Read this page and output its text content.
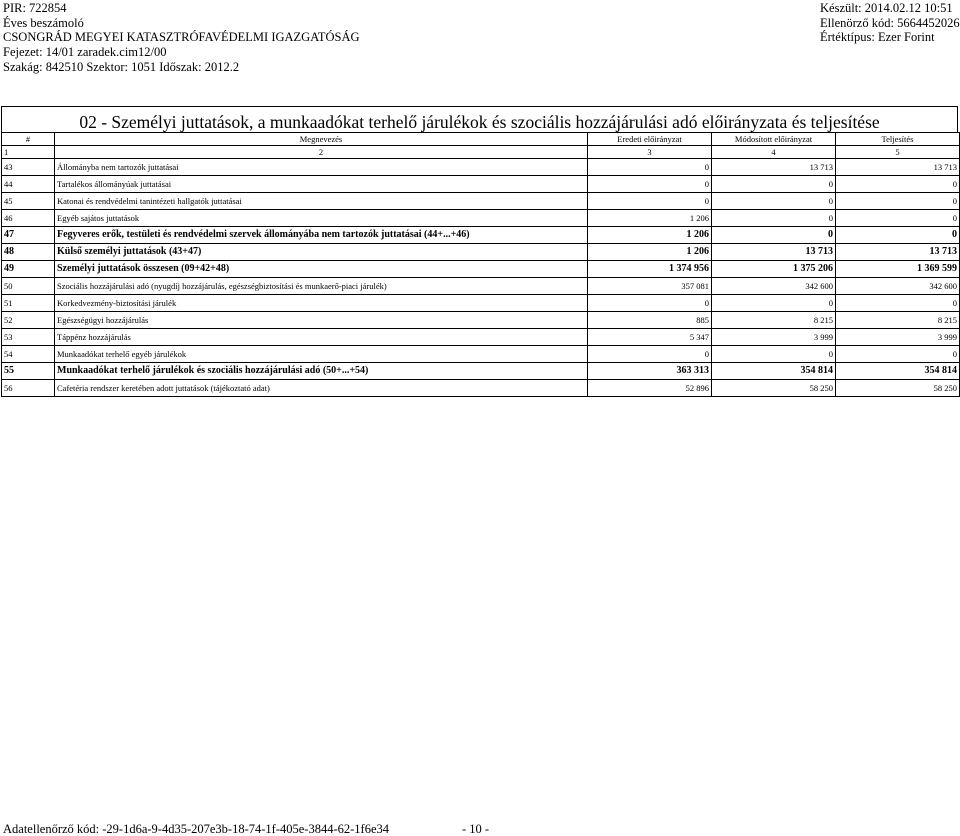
PIR: 722854
Éves beszámoló
CSONGRÁD MEGYEI KATASZTRÓFAVÉDELMI IGAZGATÓSÁG
Fejezet: 14/01 zaradek.cim12/00
Szakág: 842510 Szektor: 1051 Időszak: 2012.2
Készült: 2014.02.12 10:51
Ellenörző kód: 5664452026
Értéktípus: Ezer Forint
02 - Személyi juttatások, a munkaadókat terhelő járulékok és szociális hozzájárulási adó előirányzata és teljesítése
#	Megnevezés	Eredeti előirányzat	Módosított előirányzat	Teljesítés
1	2	3	4	5
43	Állományba nem tartozók juttatásai	0	13 713	13 713
44	Tartalékos állományúak juttatásai	0	0	0
45	Katonai és rendvédelmi tanintézeti hallgatók juttatásai	0	0	0
46	Egyéb sajátos juttatások	1 206	0	0
47	Fegyveres erők, testületi és rendvédelmi szervek állományába nem tartozók juttatásai (44+...+46)	1 206	0	0
48	Külső személyi juttatások (43+47)	1 206	13 713	13 713
49	Személyi juttatások összesen (09+42+48)	1 374 956	1 375 206	1 369 599
50	Szociális hozzájárulási adó (nyugdíj hozzájárulás, egészségbiztosítási és munkaerő-piaci járulék)	357 081	342 600	342 600
51	Korkedvezmény-biztosítási járulék	0	0	0
52	Egészségügyi hozzájárulás	885	8 215	8 215
53	Táppénz hozzájárulás	5 347	3 999	3 999
54	Munkaadókat terhelő egyéb járulékok	0	0	0
55	Munkaadókat terhelő járulékok és szociális hozzájárulási adó (50+...+54)	363 313	354 814	354 814
56	Cafetéria rendszer keretében adott juttatások (tájékoztató adat)	52 896	58 250	58 250
Adatellenőrző kód: -29-1d6a-9-4d35-207e3b-18-74-1f-405e-3844-62-1f6e34	- 10 -
